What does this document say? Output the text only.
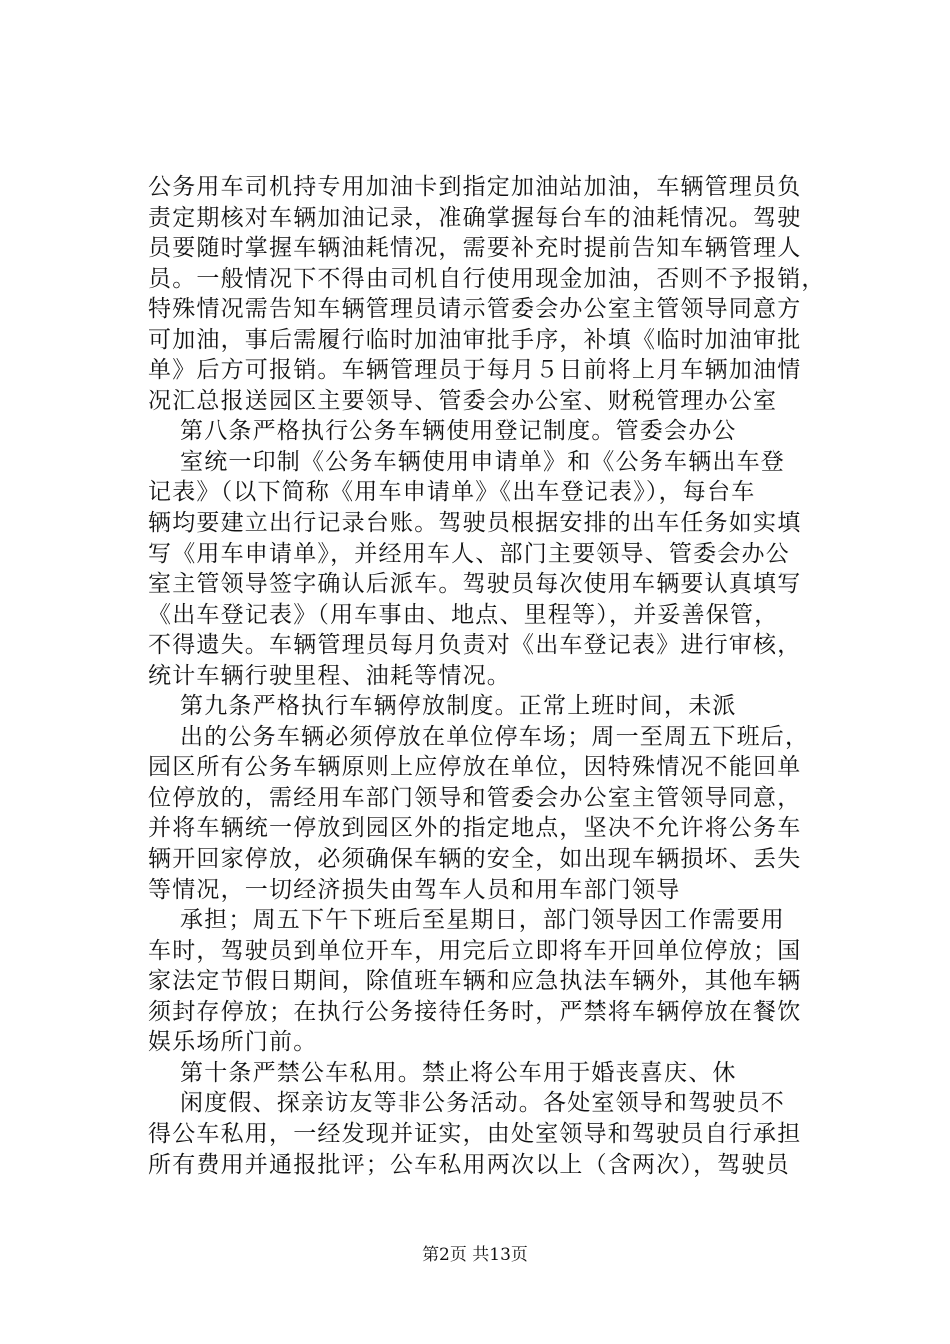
公务用车司机持专用加油卡到指定加油站加油，车辆管理员负
责定期核对车辆加油记录，准确掌握每台车的油耗情况。驾驶
员要随时掌握车辆油耗情况，需要补充时提前告知车辆管理人
员。一般情况下不得由司机自行使用现金加油，否则不予报销，
特殊情况需告知车辆管理员请示管委会办公室主管领导同意方
可加油，事后需履行临时加油审批手序，补填《临时加油审批
单》后方可报销。车辆管理员于每月５日前将上月车辆加油情
况汇总报送园区主要领导、管委会办公室、财税管理办公室
第八条严格执行公务车辆使用登记制度。管委会办公
室统一印制《公务车辆使用申请单》和《公务车辆出车登
记表》（以下简称《用车申请单》《出车登记表》），每台车
辆均要建立出行记录台账。驾驶员根据安排的出车任务如实填
写《用车申请单》，并经用车人、部门主要领导、管委会办公
室主管领导签字确认后派车。驾驶员每次使用车辆要认真填写
《出车登记表》（用车事由、地点、里程等），并妥善保管，
不得遗失。车辆管理员每月负责对《出车登记表》进行审核，
统计车辆行驶里程、油耗等情况。
第九条严格执行车辆停放制度。正常上班时间，未派
出的公务车辆必须停放在单位停车场；周一至周五下班后，
园区所有公务车辆原则上应停放在单位，因特殊情况不能回单
位停放的，需经用车部门领导和管委会办公室主管领导同意，
并将车辆统一停放到园区外的指定地点，坚决不允许将公务车
辆开回家停放，必须确保车辆的安全，如出现车辆损坏、丢失
等情况，一切经济损失由驾车人员和用车部门领导
承担；周五下午下班后至星期日，部门领导因工作需要用
车时，驾驶员到单位开车，用完后立即将车开回单位停放；国
家法定节假日期间，除值班车辆和应急执法车辆外，其他车辆
须封存停放；在执行公务接待任务时，严禁将车辆停放在餐饮
娱乐场所门前。
第十条严禁公车私用。禁止将公车用于婚丧喜庆、休
闲度假、探亲访友等非公务活动。各处室领导和驾驶员不
得公车私用，一经发现并证实，由处室领导和驾驶员自行承担
所有费用并通报批评；公车私用两次以上（含两次），驾驶员
第2页 共13页
